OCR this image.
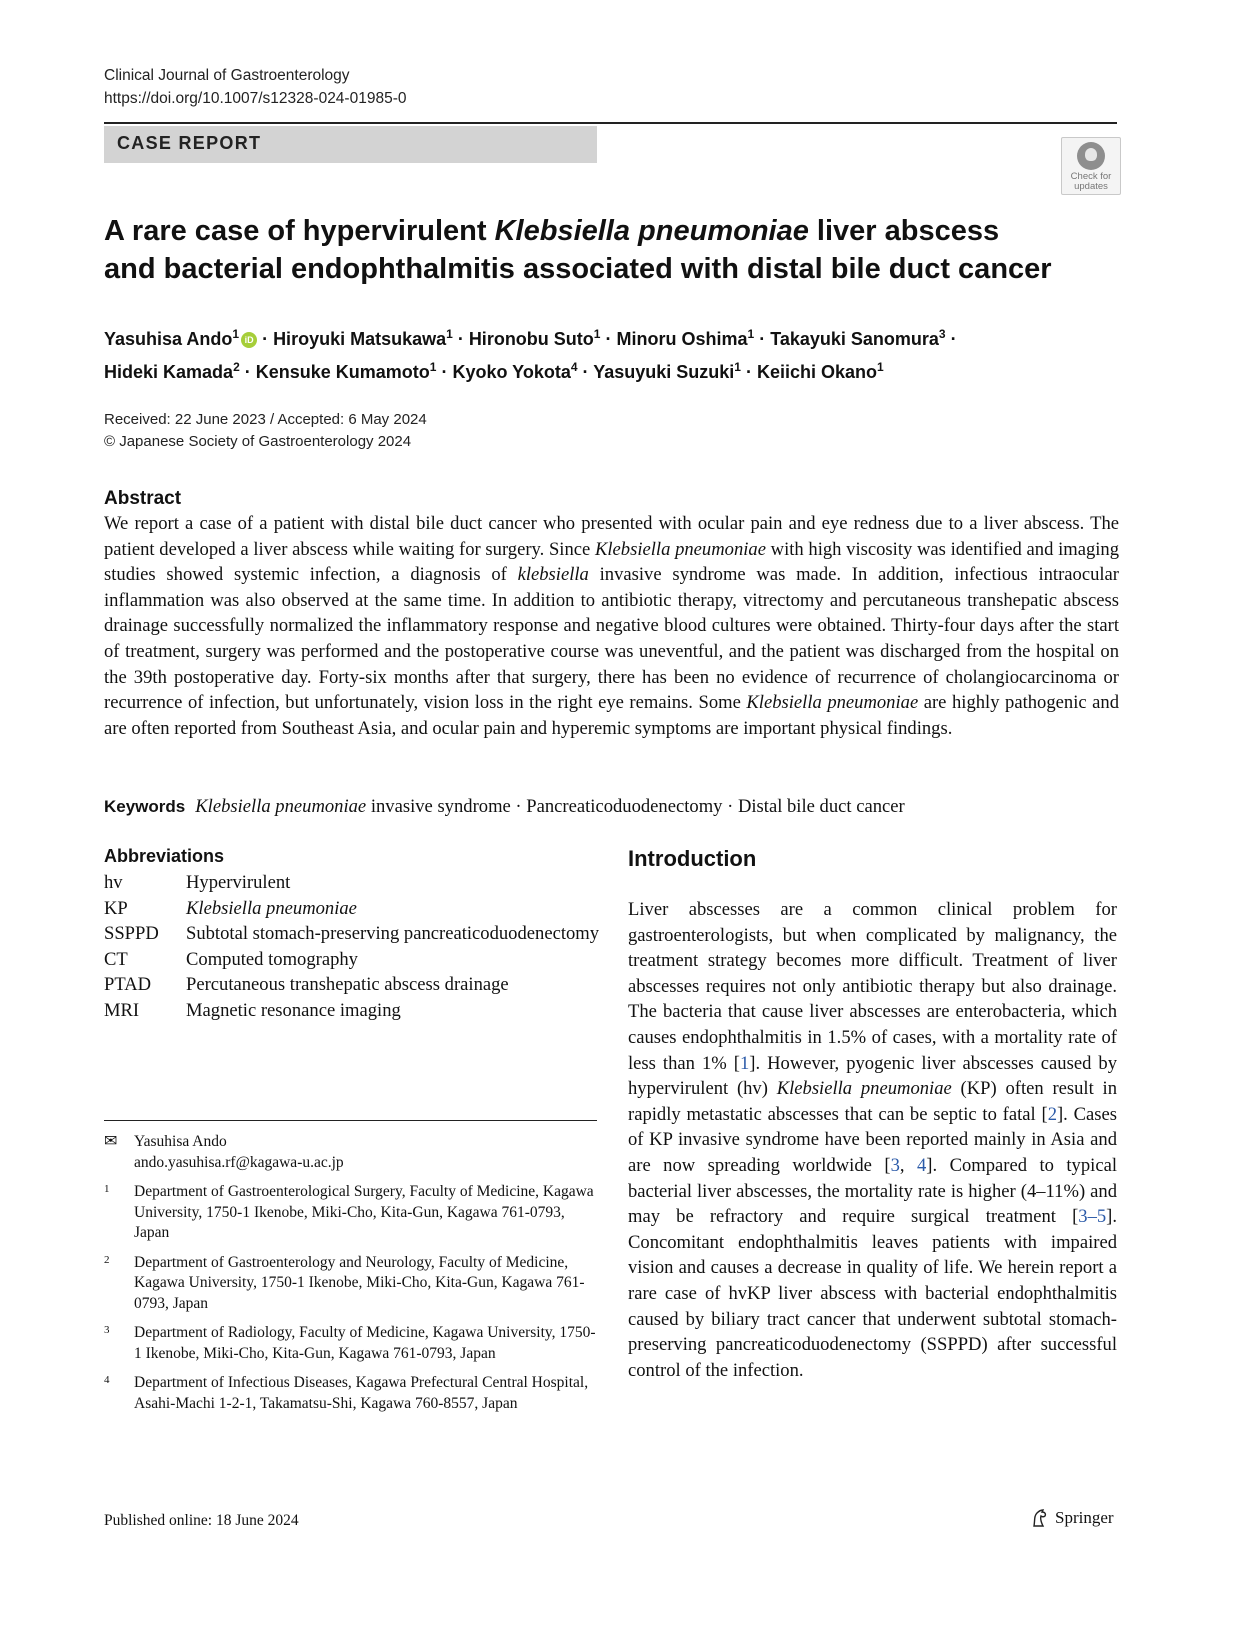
Clinical Journal of Gastroenterology
https://doi.org/10.1007/s12328-024-01985-0
CASE REPORT
Check for
updates
A rare case of hypervirulent Klebsiella pneumoniae liver abscess
and bacterial endophthalmitis associated with distal bile duct cancer
Yasuhisa Ando$^1$ iD · Hiroyuki Matsukawa$^1$ · Hironobu Suto$^1$ · Minoru Oshima$^1$ · Takayuki Sanomura$^3$ ·
Hideki Kamada$^2$ · Kensuke Kumamoto$^1$ · Kyoko Yokota$^4$ · Yasuyuki Suzuki$^1$ · Keiichi Okano$^1$
Received: 22 June 2023 / Accepted: 6 May 2024
© Japanese Society of Gastroenterology 2024
Abstract
We report a case of a patient with distal bile duct cancer who presented with ocular pain and eye redness due to a liver abscess. The patient developed a liver abscess while waiting for surgery. Since Klebsiella pneumoniae with high viscosity was identified and imaging studies showed systemic infection, a diagnosis of klebsiella invasive syndrome was made. In addition, infectious intraocular inflammation was also observed at the same time. In addition to antibiotic therapy, vitrectomy and percutaneous transhepatic abscess drainage successfully normalized the inflammatory response and negative blood cultures were obtained. Thirty-four days after the start of treatment, surgery was performed and the postoperative course was uneventful, and the patient was discharged from the hospital on the 39th postoperative day. Forty-six months after that surgery, there has been no evidence of recurrence of cholangiocarcinoma or recurrence of infection, but unfortunately, vision loss in the right eye remains. Some Klebsiella pneumoniae are highly pathogenic and are often reported from Southeast Asia, and ocular pain and hyperemic symptoms are important physical findings.
Keywords Klebsiella pneumoniae invasive syndrome · Pancreaticoduodenectomy · Distal bile duct cancer
Abbreviations
hv	Hypervirulent
KP	Klebsiella pneumoniae
SSPPD	Subtotal stomach-preserving pancreaticoduodenectomy
CT	Computed tomography
PTAD	Percutaneous transhepatic abscess drainage
MRI	Magnetic resonance imaging
✉	Yasuhisa Ando
ando.yasuhisa.rf@kagawa-u.ac.jp
1	Department of Gastroenterological Surgery, Faculty of Medicine, Kagawa University, 1750-1 Ikenobe, Miki-Cho, Kita-Gun, Kagawa 761-0793, Japan
2	Department of Gastroenterology and Neurology, Faculty of Medicine, Kagawa University, 1750-1 Ikenobe, Miki-Cho, Kita-Gun, Kagawa 761-0793, Japan
3	Department of Radiology, Faculty of Medicine, Kagawa University, 1750-1 Ikenobe, Miki-Cho, Kita-Gun, Kagawa 761-0793, Japan
4	Department of Infectious Diseases, Kagawa Prefectural Central Hospital, Asahi-Machi 1-2-1, Takamatsu-Shi, Kagawa 760-8557, Japan
Introduction
Liver abscesses are a common clinical problem for gastroenterologists, but when complicated by malignancy, the treatment strategy becomes more difficult. Treatment of liver abscesses requires not only antibiotic therapy but also drainage. The bacteria that cause liver abscesses are enterobacteria, which causes endophthalmitis in 1.5% of cases, with a mortality rate of less than 1% [1]. However, pyogenic liver abscesses caused by hypervirulent (hv) Klebsiella pneumoniae (KP) often result in rapidly metastatic abscesses that can be septic to fatal [2]. Cases of KP invasive syndrome have been reported mainly in Asia and are now spreading worldwide [3, 4]. Compared to typical bacterial liver abscesses, the mortality rate is higher (4–11%) and may be refractory and require surgical treatment [3–5]. Concomitant endophthalmitis leaves patients with impaired vision and causes a decrease in quality of life. We herein report a rare case of hvKP liver abscess with bacterial endophthalmitis caused by biliary tract cancer that underwent subtotal stomach-preserving pancreaticoduodenectomy (SSPPD) after successful control of the infection.
Published online: 18 June 2024	Springer
